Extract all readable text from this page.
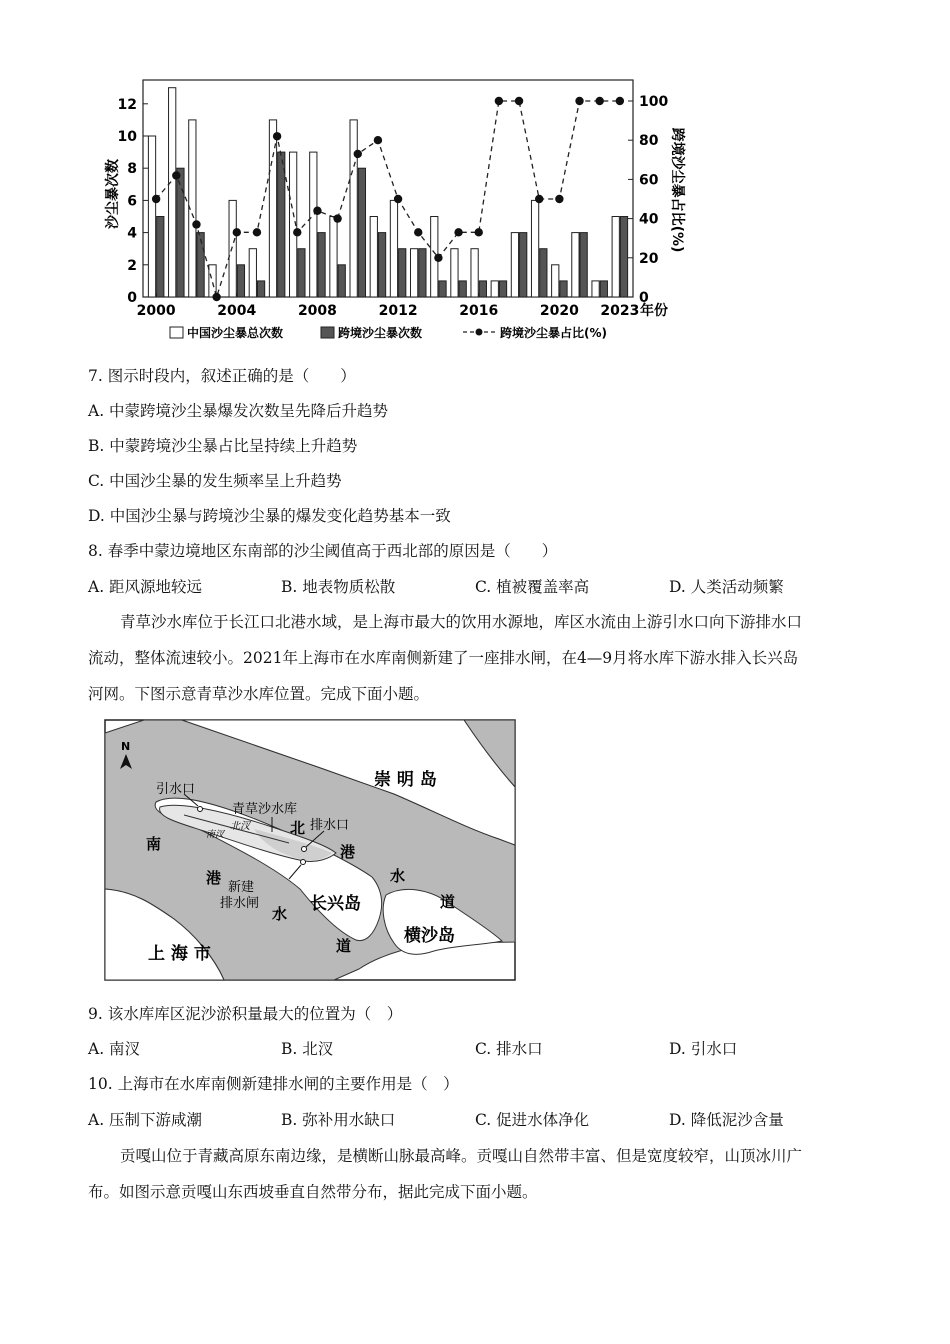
0
2
4
6
8
10
12
0
20
40
60
80
100
2000	2004	2008	2012	2016	2020 2023
沙尘暴次数	跨境沙尘暴占比(%)
年份
中国沙尘暴总次数	跨境沙尘暴次数	跨境沙尘暴占比(%)
7. 图示时段内，叙述正确的是（　　）
A. 中蒙跨境沙尘暴爆发次数呈先降后升趋势
B. 中蒙跨境沙尘暴占比呈持续上升趋势
C. 中国沙尘暴的发生频率呈上升趋势
D. 中国沙尘暴与跨境沙尘暴的爆发变化趋势基本一致
8. 春季中蒙边境地区东南部的沙尘阈值高于西北部的原因是（　　）
A. 距风源地较远	B. 地表物质松散	C. 植被覆盖率高	D. 人类活动频繁
青草沙水库位于长江口北港水域，是上海市最大的饮用水源地，库区水流由上游引水口向下游排水口
流动，整体流速较小。2021年上海市在水库南侧新建了一座排水闸，在4—9月将水库下游水排入长兴岛
河网。下图示意青草沙水库位置。完成下面小题。
N
崇 明 岛
引水口
青草沙水库
北汊
南汊	北 排水口
港
水
道
南
港
新建
排水闸
水
道
长兴岛
横沙岛
上 海 市
9. 该水库库区泥沙淤积量最大的位置为（　）
A. 南汊	B. 北汊	C. 排水口	D. 引水口
10. 上海市在水库南侧新建排水闸的主要作用是（　）
A. 压制下游咸潮	B. 弥补用水缺口	C. 促进水体净化	D. 降低泥沙含量
贡嘎山位于青藏高原东南边缘，是横断山脉最高峰。贡嘎山自然带丰富、但是宽度较窄，山顶冰川广
布。如图示意贡嘎山东西坡垂直自然带分布，据此完成下面小题。
